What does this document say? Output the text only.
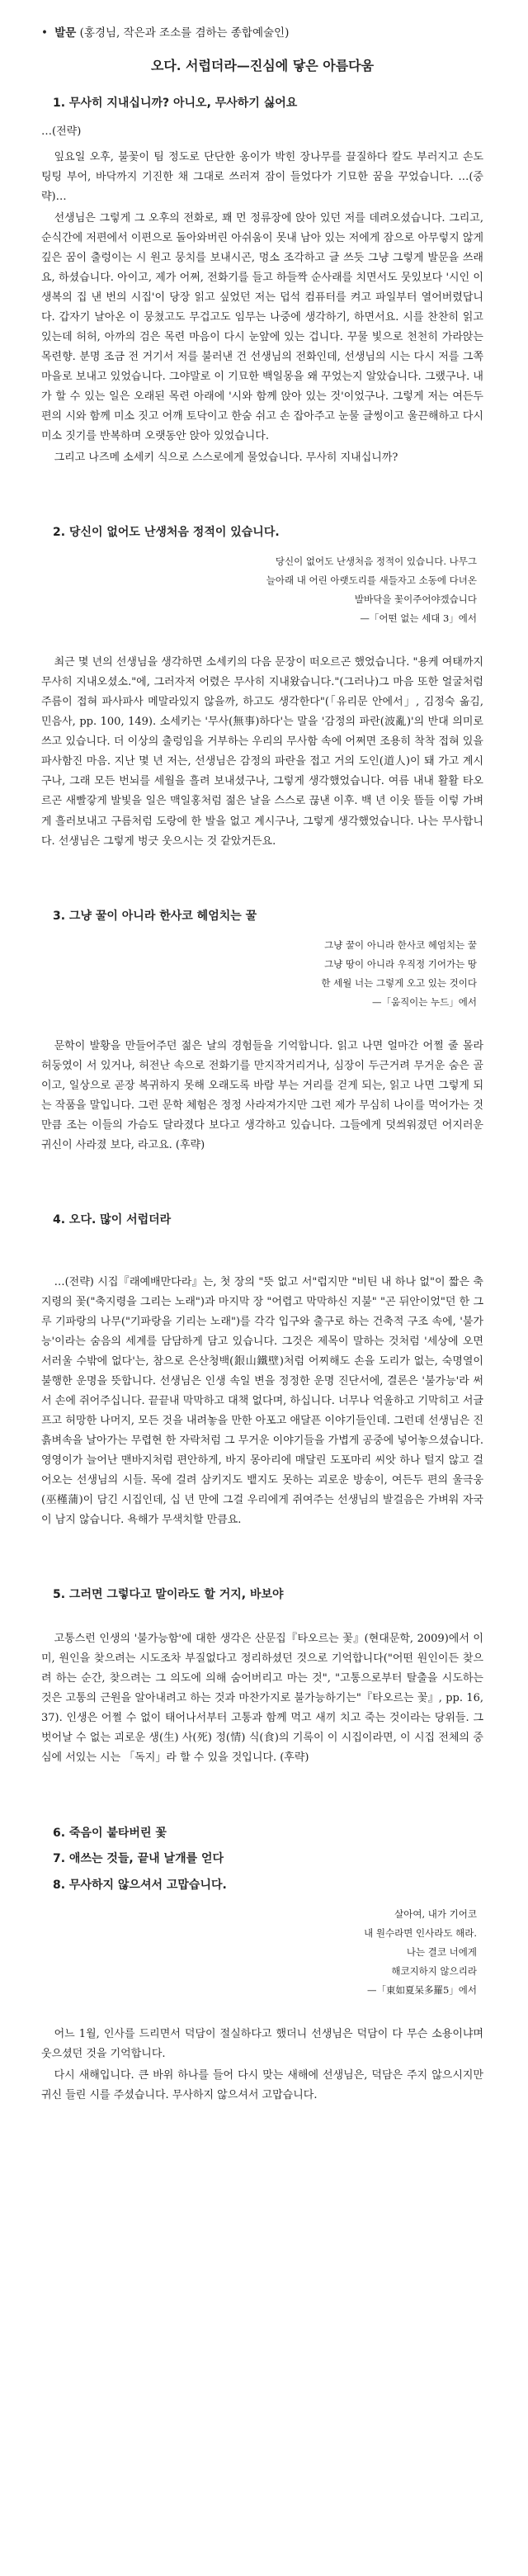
• 발문 (홍경님, 작은과 조소를 겸하는 종합예술인)
오다. 서럽더라—진심에 닿은 아름다움
1. 무사히 지내십니까? 아니오, 무사하기 싫어요

…(전략)

잎요일 오후, 불꽃이 팀 정도로 단단한 옹이가 박힌 장나무를 끌질하다 칼도 부러지고 손도 팅팅 부어, 바닥까지 기진한 채 그대로 쓰러져 잠이 들었다가 기묘한 꿈을 꾸었습니다. …(중략)…

선생님은 그렇게 그 오후의 전화로, 꽤 먼 정류장에 앉아 있던 저를 데려오셨습니다. 그리고, 순식간에 저편에서 이편으로 돌아와버린 아쉬움이 못내 남아 있는 저에게 잠으로 아무렇지 않게 깊은 꿈이 출렁이는 시 원고 뭉치를 보내시곤, 멍소 조각하고 글 쓰듯 그냥 그렇게 발문을 쓰래요, 하셨습니다. 아이고, 제가 어쩌, 전화기를 들고 하들짝 순사래를 치면서도 뭇있보다 '시인 이생복의 집 낸 번의 시집'이 당장 읽고 싶었던 저는 덥석 컴퓨터를 켜고 파일부터 열어버렸답니다. 갑자기 날아온 이 뭉쳤고도 무겁고도 임무는 나중에 생각하기, 하면서요. 시를 찬찬히 읽고 있는데 허허, 아까의 검은 목련 마음이 다시 눈앞에 있는 겁니다. 꾸물 빛으로 천천히 가라앉는 목련향. 분명 조금 전 거기서 저를 불러낸 건 선생님의 전화인데, 선생님의 시는 다시 저를 그쪽 마을로 보내고 있었습니다. 그야말로 이 기묘한 백일몽을 왜 꾸었는지 알았습니다. 그랬구나. 내가 할 수 있는 일은 오래된 목련 아래에 '시와 함께 앉아 있는 것'이었구나. 그렇게 저는 여든두 편의 시와 함께 미소 짓고 어깨 토닥이고 한숨 쉬고 손 잡아주고 눈물 글썽이고 울끈해하고 다시 미소 짓기를 반복하며 오랫동안 앉아 있었습니다.

그리고 나즈메 소세키 식으로 스스로에게 물었습니다. 무사히 지내십니까?

2. 당신이 없어도 난생처음 정적이 있습니다.
당신이 없어도 난생처음 정적이 있습니다. 나무그
늘아래 내 어린 아랫도리를 새들자고 소동에 다녀온
발바닥을 꽃이주어야겠습니다
—「어떤 없는 세대 3」에서

최근 몇 년의 선생님을 생각하면 소세키의 다음 문장이 떠오르곤 했었습니다. "용케 여태까지 무사히 지내오셨소."에, 그러자저 어렸은 무사히 지내왔습니다."(그러나)그 마음 또한 얼굴처럼 주름이 접혀 파사파사 메말라있지 않을까, 하고도 생각한다"(「유리문 안에서」, 김정숙 옮김, 민음사, pp. 100, 149). 소세키는 '무사(無事)하다'는 말을 '감정의 파란(波亂)'의 반대 의미로 쓰고 있습니다. 더 이상의 출렁임을 거부하는 우리의 무사함 속에 어쩌면 조용히 착착 접혀 있을 파사함진 마음. 지난 몇 년 저는, 선생님은 감정의 파란을 접고 거의 도인(道人)이 돼 가고 계시구나, 그래 모든 번뇌를 세월을 흘려 보내셨구나, 그렇게 생각했었습니다. 여름 내내 활활 타오르곤 새빨갛게 발빛을 일은 맥일홍처럼 젊은 날을 스스로 끊낸 이후. 백 년 이웃 뜰들 이렇 가벼게 흘러보내고 구름처럼 도랑에 한 발을 없고 계시구나, 그렇게 생각했었습니다. 나는 무사합니다. 선생님은 그렇게 벙긋 웃으시는 것 같았거든요.

3. 그냥 꿀이 아니라 한사코 헤엄치는 꿀
그냥 꿀이 아니라 한사코 헤엄치는 꿀
그냥 땅이 아니라 우직정 기어가는 땅
한 세월 너는 그렇게 오고 있는 것이다
—「움직이는 누드」에서

문학이 발황을 만들어주던 젊은 날의 경험들을 기억합니다. 읽고 나면 얼마간 어쩔 줄 몰라 허둥였이 서 있거나, 허전난 속으로 전화기를 만지작거리거나, 심장이 두근거려 무거운 숨은 골이고, 일상으로 곧장 복귀하지 못해 오래도록 바람 부는 거리를 걷게 되는, 읽고 나면 그렇게 되는 작품을 말입니다. 그런 문학 체험은 정정 사라져가지만 그런 제가 무심히 나이를 먹어가는 것만큼 조는 이들의 가슴도 달라졌다 보다고 생각하고 있습니다. 그들에게 덧씌워졌던 어지러운 귀신이 사라졌 보다, 라고요. (후략)

4. 오다. 많이 서럽더라

…(전략) 시집『래예배만다라』는, 첫 장의 "뜻 없고 서"럽지만 "비틴 내 하나 없"이 짧은 축지령의 꽃("축지령을 그리는 노래")과 마지막 장 "어렵고 막막하신 지불" "곤 뒤안이었"던 한 그루 기파랑의 나무("기파랑을 기리는 노래")를 각각 입구와 출구로 하는 건축적 구조 속에, '불가능'이라는 숨음의 세계를 담담하게 담고 있습니다. 그것은 제목이 말하는 것처럼 '세상에 오면 서러울 수밖에 없다'는, 참으로 은산청백(銀山鐵壁)처럼 어찌해도 손을 도리가 없는, 숙명열이 불행한 운명을 뜻합니다. 선생님은 인생 속일 변을 정정한 운명 진단서에, 결론은 '불가능'라 써서 손에 쥐어주십니다. 끝끝내 막막하고 대책 없다며, 하십니다. 너무나 억울하고 기막히고 서글프고 허망한 나머지, 모든 것을 내려놓을 만한 아포고 애달픈 이야기들인데. 그런데 선생님은 진흙벼속을 날아가는 무렵현 한 자락처럼 그 무거운 이야기들을 가볍게 공중에 넣어놓으셨습니다. 영영이가 늘어난 맨바지처럼 편안하게, 바지 몽아리에 매달린 도포마리 씨앗 하나 털지 않고 걸어오는 선생님의 시들. 목에 걸려 삼키지도 뱉지도 못하는 괴로운 방송이, 여든두 편의 울극웅(巫槿蒲)이 담긴 시집인데, 십 년 만에 그걸 우리에게 쥐여주는 선생님의 발걸음은 가벼워 자국이 남지 않습니다. 욕해가 무색치할 만큼요.

5. 그러면 그렇다고 말이라도 할 거지, 바보야

고통스런 인생의 '불가능함'에 대한 생각은 산문집『타오르는 꽃』(현대문학, 2009)에서 이미, 원인을 찾으려는 시도조차 부질없다고 정리하셨던 것으로 기억합니다("어떤 원인이든 찾으려 하는 순간, 찾으려는 그 의도에 의해 숨어버리고 마는 것", "고통으로부터 탈출을 시도하는 것은 고통의 근원을 알아내려고 하는 것과 마찬가지로 불가능하기는"『타오르는 꽃』, pp. 16, 37). 인생은 어쩔 수 없이 태어나서부터 고통과 함께 먹고 새끼 치고 죽는 것이라는 당위들. 그 벗어날 수 없는 괴로운 생(生) 사(死) 정(情) 식(食)의 기록이 이 시집이라면, 이 시집 전체의 중심에 서있는 시는 「독지」라 할 수 있을 것입니다. (후략)

6. 죽음이 붙타버린 꽃
7. 애쓰는 것들, 끝내 날개를 얻다
8. 무사하지 않으셔서 고맙습니다.
살아여, 내가 기어코
내 원수라면 인사라도 해라.
나는 결코 너에게
해코지하지 않으리라
—「東如夏呆多羅5」에서

어느 1월, 인사를 드리면서 덕담이 절실하다고 했더니 선생님은 덕담이 다 무슨 소용이냐며 웃으셨던 것을 기억합니다.

다시 새해입니다. 큰 바위 하나를 들어 다시 맞는 새해에 선생님은, 덕담은 주지 않으시지만 귀신 들린 시를 주셨습니다. 무사하지 않으셔서 고맙습니다.
